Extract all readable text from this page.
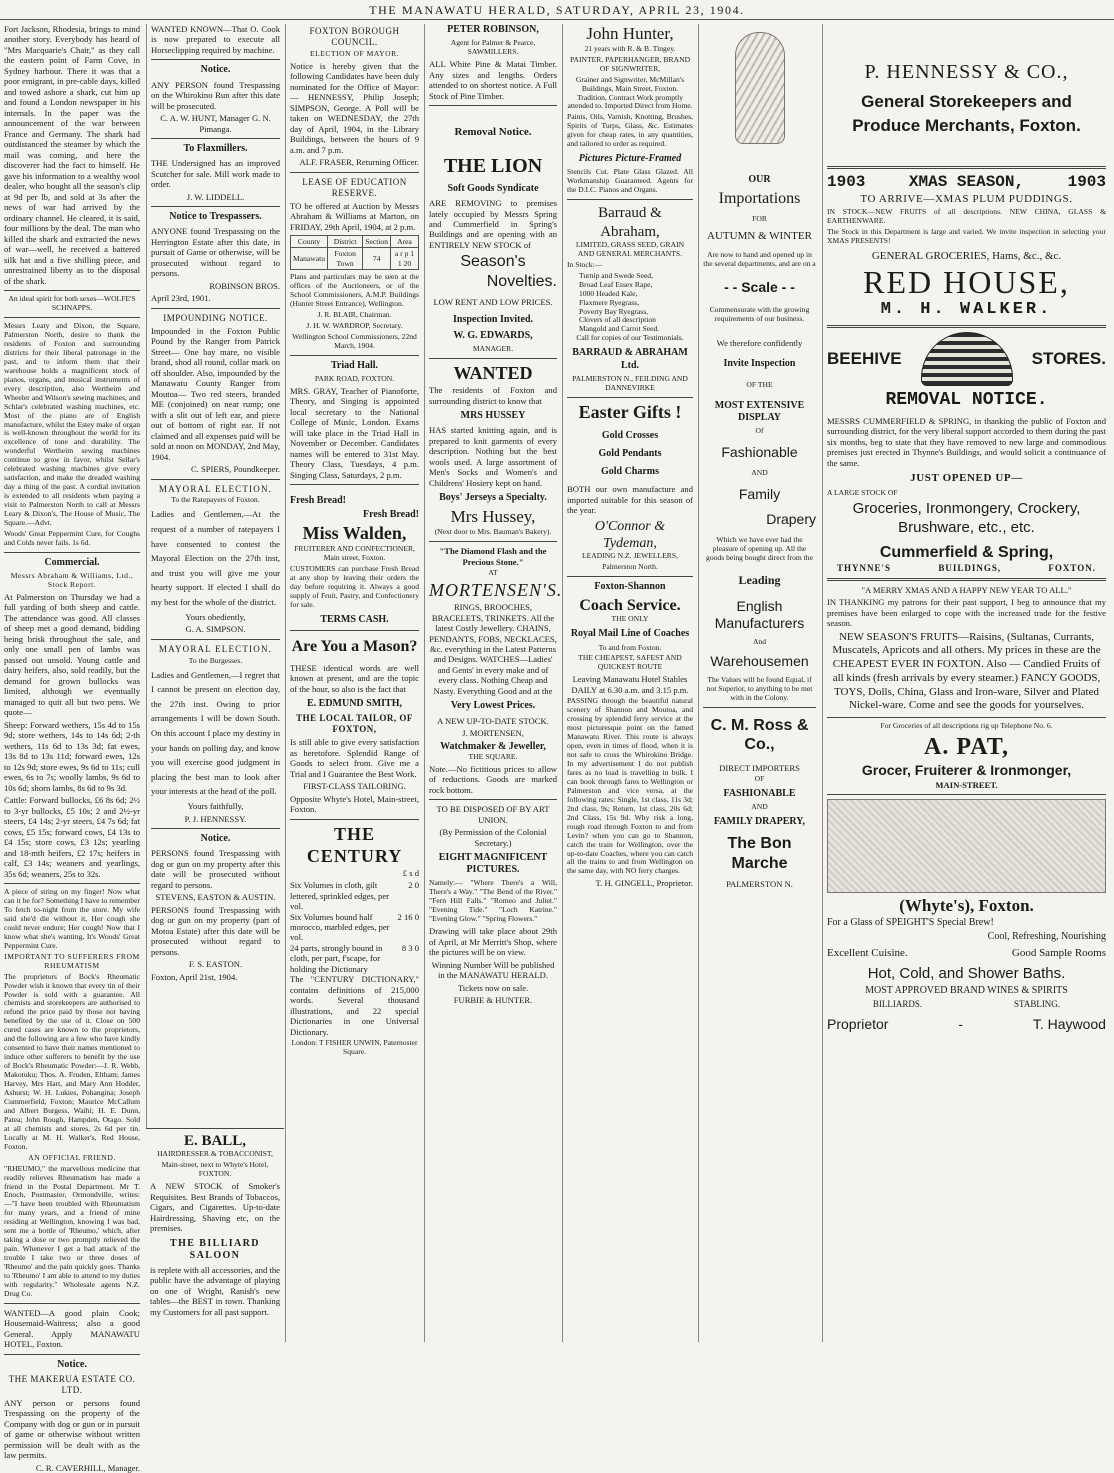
THE MANAWATU HERALD, SATURDAY, APRIL 23, 1904.

Fort Jackson, Rhodesia, brings to mind another story. Everybody has heard of "Mrs Macquarie's Chair," as they call the eastern point of Farm Cove, in Sydney harbour. There it was that a poor emigrant, in pre-cable days, killed and towed ashore a shark, cut him up and found a London newspaper in his internals. In the paper was the announcement of the war between France and Germany. The shark had outdistanced the steamer by which the mail was coming, and here the discoverer had the fact to himself. He gave his information to a wealthy wool dealer, who bought all the season's clip at 9d per lb, and sold at 3s after the news of war had arrived by the ordinary channel. He cleared, it is said, four millions by the deal. The man who killed the shark and extracted the news of war—well, he received a battered silk hat and a five shilling piece, and unrestrained liberty as to the disposal of the shark.

An ideal spirit for both sexes—WOLFE'S SCHNAPPS.

Messrs Leaty and Dixon, the Square, Palmerston North, desire to thank the residents of Foxton and surrounding districts for their liberal patronage in the past, and to inform them that their warehouse holds a magnificent stock of pianos, organs, and musical instruments of every description, also Wertheim and Wheeler and Wilson's sewing machines, and Schlar's celebrated washing machines, etc. Most of the piano are of English manufacture, whilst the Estey make of organ is well-known throughout the world for its excellence of tone and durability. The wonderful Wertheim sewing machines continue to grow in favor, whilst Sellar's celebrated washing machines give every satisfaction, and make the dreaded washing day a thing of the past. A cordial invitation is extended to all residents when paying a visit to Palmerston North to call at Messrs Leary & Dixon's, The House of Music, The Square.—Advt.

Woods' Great Peppermint Cure, for Coughs and Colds never fails. 1s 6d.

Commercial.
Messrs Abraham & Williams, Ltd., Stock Report.

At Palmerston on Thursday we had a full yarding of both sheep and cattle. The attendance was good. All classes of sheep met a good demand, bidding being brisk throughout the sale, and only one small pen of lambs was passed out unsold. Young cattle and dairy heifers, also, sold readily, but the demand for grown bullocks was limited, although we eventually managed to quit all but two pens. We quote—

Sheep: Forward wethers, 15s 4d to 15s 9d; store wethers, 14s to 14s 6d; 2-th wethers, 11s 6d to 13s 3d; fat ewes, 13s 8d to 13s 11d; forward ewes, 12s to 12s 9d; store ewes, 9s 6d to 11s; cull ewes, 6s to 7s; woolly lambs, 9s 6d to 10s 6d; shorn lambs, 8s 6d to 9s 3d.

Cattle: Forward bullocks, £6 8s 6d; 2½ to 3-yr bullocks, £5 10s; 2 and 2½-yr steers, £4 14s; 2-yr steers, £4 7s 6d; fat cows, £5 15s; forward cows, £4 13s to £4 15s; store cows, £3 12s; yearling and 18-mth heifers, £2 17s; heifers in calf, £3 14s; weaners and yearlings, 35s 6d; weaners, 25s to 32s.

A piece of string on my finger! Now what can it be for? Something I have to remember To fetch to-night from the store. My wife said she'd die without it, Her cough she could never endure; Her cough! Now that I know what she's wanting, It's Woods' Great Peppermint Cure.

IMPORTANT TO SUFFERERS FROM RHEUMATISM

The proprietors of Bock's Rheumatic Powder wish it known that every tin of their Powder is sold with a guarantee. All chemists and storekeepers are authorised to refund the price paid by those not having benefited by the use of it. Close on 500 cured cases are known to the proprietors, and the following are a few who have kindly consented to have their names mentioned to induce other sufferers to benefit by the use of Bock's Rheumatic Powder:—J. R. Webb, Makotuku; Thos. A. Fruden, Eltham; James Harvey, Mrs Hart, and Mary Ann Hodder, Ashurst; W. H. Lukies, Pohangina; Joseph Cummerfield, Foxton; Maurice McCallum and Albert Burgess, Waihi; H. E. Dunn, Patea; John Rough, Hampden, Otago. Sold at all chemists and stores, 2s 6d per tin. Locally at M. H. Walker's, Red House, Foxton.

AN OFFICIAL FRIEND.

"RHEUMO," the marvellous medicine that readily relieves Rheumatism has made a friend in the Postal Department. Mr T. Enoch, Postmaster, Ormondville, writes:—"I have been troubled with Rheumatism for many years, and a friend of mine residing at Wellington, knowing I was bad, sent me a bottle of 'Rheumo,' which, after taking a dose or two promptly relieved the pain. Whenever I get a bad attack of the trouble I take two or three doses of 'Rheumo' and the pain quickly goes. Thanks to 'Rheumo' I am able to attend to my duties with regularity." Wholesale agents N.Z. Drug Co.

WANTED—A good plain Cook; Housemaid-Waitress; also a good General. Apply MANAWATU HOTEL, Foxton.

Notice.
THE MAKERUA ESTATE CO. LTD.

ANY person or persons found Trespassing on the property of the Company with dog or gun or in pursuit of game or otherwise without written permission will be dealt with as the law permits.

C. R. CAVERHILL, Manager.

WANTED KNOWN—That O. Cook is now prepared to execute all Horseclipping required by machine.

Notice.

ANY PERSON found Trespassing on the Whirokino Run after this date will be prosecuted.

C. A. W. HUNT, Manager G. N. Pimanga.

To Flaxmillers.

THE Undersigned has an improved Scutcher for sale. Mill work made to order.

J. W. LIDDELL.

Notice to Trespassers.

ANYONE found Trespassing on the Herrington Estate after this date, in pursuit of Game or otherwise, will be prosecuted without regard to persons.

ROBINSON BROS.

April 23rd, 1901.

IMPOUNDING NOTICE.

Impounded in the Foxton Public Pound by the Ranger from Patrick Street— One bay mare, no visible brand, shod all round, collar mark on off shoulder. Also, impounded by the Manawatu County Ranger from Moutoa— Two red steers, branded ME (conjoined) on near rump; one with a slit out of left ear, and piece out of bottom of right ear. If not claimed and all expenses paid will be sold at noon on MONDAY, 2nd May, 1904.

C. SPIERS, Poundkeeper.

MAYORAL ELECTION.

To the Ratepayers of Foxton.

Ladies and Gentlemen,—At the request of a number of ratepayers I have consented to contest the Mayoral Election on the 27th inst, and trust you will give me your hearty support. If elected I shall do my best for the whole of the district.

Yours obediently,

G. A. SIMPSON.

MAYORAL ELECTION.

To the Burgesses.

Ladies and Gentlemen,—I regret that I cannot be present on election day, the 27th inst. Owing to prior arrangements I will be down South. On this account I place my destiny in your hands on polling day, and know you will exercise good judgment in placing the best man to look after your interests at the head of the poll.

Yours faithfully,

P. J. HENNESSY.

Notice.

PERSONS found Trespassing with dog or gun on my property after this date will be prosecuted without regard to persons.

STEVENS, EASTON & AUSTIN.

PERSONS found Trespassing with dog or gun on my property (part of Motoa Estate) after this date will be prosecuted without regard to persons.

F. S. EASTON.

Foxton, April 21st, 1904.

FOXTON BOROUGH COUNCIL.
ELECTION OF MAYOR.

Notice is hereby given that the following Candidates have been duly nominated for the Office of Mayor:— HENNESSY, Philip Joseph; SIMPSON, George. A Poll will be taken on WEDNESDAY, the 27th day of April, 1904, in the Library Buildings, between the hours of 9 a.m. and 7 p.m.

ALF. FRASER, Returning Officer.

LEASE OF EDUCATION RESERVE.

TO be offered at Auction by Messrs Abraham & Williams at Marton, on FRIDAY, 29th April, 1904, at 2 p.m.

County	District	Section	Area
Manawatu	Foxton Town	74	a r p 1 1 20

Plans and particulars may be seen at the offices of the Auctioneers, or of the School Commissioners, A.M.P. Buildings (Hunter Street Entrance), Wellington.

J. R. BLAIR, Chairman.

J. H. W. WARDROP, Secretary.

Wellington School Commissioners, 22nd March, 1904.

Triad Hall.

PARK ROAD, FOXTON.

MRS. GRAY, Teacher of Pianoforte, Theory, and Singing is appointed local secretary to the National College of Music, London. Exams will take place in the Triad Hall in November or December. Candidates names will be entered to 31st May. Theory Class, Tuesdays, 4 p.m. Singing Class, Saturdays, 2 p.m.

Fresh Bread!

Fresh Bread!

Miss Walden,

FRUITERER AND CONFECTIONER, Main street, Foxton.

CUSTOMERS can purchase Fresh Bread at any shop by leaving their orders the day before requiring it. Always a good supply of Fruit, Pastry, and Confectionery for sale.

TERMS CASH.
Are You a Mason?

THESE identical words are well known at present, and are the topic of the hour, so also is the fact that

E. EDMUND SMITH,
THE LOCAL TAILOR, OF FOXTON,

Is still able to give every satisfaction as heretofore. Splendid Range of Goods to select from. Give me a Trial and I Guarantee the Best Work.

FIRST-CLASS TAILORING.

Opposite Whyte's Hotel, Main-street, Foxton.

THE CENTURY

£ s d

Six Volumes in cloth, gilt lettered, sprinkled edges, per vol.
2 0
Six Volumes bound half morocco, marbled edges, per vol.
2 16 0
24 parts, strongly bound in cloth, per part, f'scape, for holding the Dictionary
8 3 0

The "CENTURY DICTIONARY," contains definitions of 215,000 words. Several thousand illustrations, and 22 special Dictionaries in one Universal Dictionary.

London: T FISHER UNWIN, Paternoster Square.

E. BALL,

HAIRDRESSER & TOBACCONIST,

Main-street, next to Whyte's Hotel, FOXTON.

A NEW STOCK of Smoker's Requisites. Best Brands of Tobaccos, Cigars, and Cigarettes. Up-to-date Hairdressing, Shaving etc, on the premises.

THE BILLIARD SALOON

is replete with all accessories, and the public have the advantage of playing on one of Wright, Ranish's new tables—the BEST in town. Thanking my Customers for all past support.

PETER ROBINSON,

Agent for Palmer & Pearce, SAWMILLERS.

ALL White Pine & Matai Timber. Any sizes and lengths. Orders attended to on shortest notice. A Full Stock of Pine Timber.

Removal Notice.
THE LION
Soft Goods Syndicate

ARE REMOVING to premises lately occupied by Messrs Spring and Cummerfield in Spring's Buildings and are opening with an ENTIRELY NEW STOCK of

Season's
Novelties.

LOW RENT AND LOW PRICES.

Inspection Invited.
W. G. EDWARDS,

MANAGER.

WANTED

The residents of Foxton and surrounding district to know that

MRS HUSSEY

HAS started knitting again, and is prepared to knit garments of every description. Nothing but the best wools used. A large assortment of Men's Socks and Women's and Childrens' Hosiery kept on hand.

Boys' Jerseys a Specialty.
Mrs Hussey,

(Next door to Mrs. Bauman's Bakery).

"The Diamond Flash and the Precious Stone."

AT

MORTENSEN'S.

RINGS, BROOCHES, BRACELETS, TRINKETS. All the latest Costly Jewellery. CHAINS, PENDANTS, FOBS, NECKLACES, &c. everything in the Latest Patterns and Designs. WATCHES—Ladies' and Gents' in every make and of every class. Nothing Cheap and Nasty. Everything Good and at the

Very Lowest Prices.

A NEW UP-TO-DATE STOCK.

J. MORTENSEN,

Watchmaker & Jeweller,

THE SQUARE.

Note.—No fictitious prices to allow of reductions. Goods are marked rock bottom.

TO BE DISPOSED OF BY ART UNION.

(By Permission of the Colonial Secretary.)

EIGHT MAGNIFICENT PICTURES.

Namely:— "Where There's a Will, There's a Way." "The Bend of the River." "Fern Hill Falls." "Romeo and Juliet." "Evening Tide." "Loch Katrine." "Evening Glow." "Spring Flowers."

Drawing will take place about 29th of April, at Mr Merritt's Shop, where the pictures will be on view.

Winning Number Will be published in the MANAWATU HERALD.

Tickets now on sale.

FURBIE & HUNTER.

John Hunter,

21 years with R. & B. Tingey.

PAINTER, PAPERHANGER, BRAND OF SIGNWRITER,

Grainer and Signwriter, McMillan's Buildings, Main Street, Foxton. Tradition, Contract Work promptly attended to. Imported Direct from Home.

Paints, Oils, Varnish, Knotting, Brushes, Spirits of Turps, Glass, &c. Estimates given for cheap rates, in any quantities, and tailored to order as required.

Pictures Picture-Framed

Stencils Cut. Plate Glass Glazed. All Workmanship Guaranteed. Agents for the D.I.C. Pianos and Organs.

Barraud & Abraham,

LIMITED, GRASS SEED, GRAIN AND GENERAL MERCHANTS.

In Stock:—

Turnip and Swede Seed,
Broad Leaf Essex Rape,
1000 Headed Kale,
Flaxmere Ryegrass,
Poverty Bay Ryegrass,
Clovers of all description
Mangold and Carrot Seed.

Call for copies of our Testimonials.

BARRAUD & ABRAHAM Ltd.

PALMERSTON N., FEILDING AND DANNEVIRKE

Easter Gifts !
Gold Crosses
Gold Pendants
Gold Charms

BOTH our own manufacture and imported suitable for this season of the year.

O'Connor & Tydeman,

LEADING N.Z. JEWELLERS,

Palmerston North.

Foxton-Shannon
Coach Service.

THE ONLY

Royal Mail Line of Coaches

To and from Foxton.

THE CHEAPEST, SAFEST AND QUICKEST ROUTE

Leaving Manawatu Hotel Stables DAILY at 6.30 a.m. and 3.15 p.m.

PASSING through the beautiful natural scenery of Shannon and Moutoa, and crossing by splendid ferry service at the most picturesque point on the famed Manawatu River. This route is always open, even in times of flood, when it is not safe to cross the Whirokino Bridge. In my advertisement I do not publish fares as no load is travelling in bulk. I can book through fares to Wellington or Palmerston and vice versa, at the following rates: Single, 1st class, 11s 3d; 2nd class, 9s; Return, 1st class, 20s 6d; 2nd Class, 15s 9d. Why risk a long, rough road through Foxton to and from Levin? when you can go to Shannon, catch the train for Wellington, over the up-to-date Coaches, where you can catch all the trains to and from Wellington on the same day, with NO ferry charges.

T. H. GINGELL, Proprietor.

OUR
Importations

FOR

AUTUMN & WINTER

Are now to hand and opened up in the several departments, and are on a

- - Scale - -

Commensurate with the growing requirements of our business.

We therefore confidently

Invite Inspection

OF THE

MOST EXTENSIVE DISPLAY

Of

Fashionable

AND

Family
Drapery

Which we have ever had the pleasure of opening up. All the goods being bought direct from the

Leading
English Manufacturers

And

Warehousemen

The Values will be found Equal, if not Superior, to anything to be met with in the Colony.

C. M. Ross & Co.,

DIRECT IMPORTERS

OF

FASHIONABLE

AND

FAMILY DRAPERY,
The Bon Marche

PALMERSTON N.

P. HENNESSY & CO.,
General Storekeepers and Produce Merchants, Foxton.
1903	XMAS SEASON,	1903

TO ARRIVE—XMAS PLUM PUDDINGS.

IN STOCK—NEW FRUITS of all descriptions. NEW CHINA, GLASS & EARTHENWARE.

The Stock in this Department is large and varied. We invite inspection in selecting your XMAS PRESENTS!

GENERAL GROCERIES, Hams, &c., &c.

RED HOUSE,
M. H. WALKER.
BEEHIVE	STORES.
REMOVAL NOTICE.

MESSRS CUMMERFIELD & SPRING, in thanking the public of Foxton and surrounding district, for the very liberal support accorded to them during the past six months, beg to state that they have removed to new large and commodious premises just erected in Thynne's Buildings, and would solicit a continuance of the same.

JUST OPENED UP—

A LARGE STOCK OF

Groceries, Ironmongery, Crockery, Brushware, etc., etc.
Cummerfield & Spring,
THYNNE'S	BUILDINGS,	FOXTON.

"A MERRY XMAS AND A HAPPY NEW YEAR TO ALL."

IN THANKING my patrons for their past support, I beg to announce that my premises have been enlarged to cope with the increased trade for the festive season.

NEW SEASON'S FRUITS—Raisins, (Sultanas, Currants, Muscatels, Apricots and all others. My prices in these are the CHEAPEST EVER IN FOXTON. Also — Candied Fruits of all kinds (fresh arrivals by every steamer.) FANCY GOODS, TOYS, Dolls, China, Glass and Iron-ware, Silver and Plated Nickel-ware. Come and see the goods for yourselves.

For Groceries of all descriptions rig up Telephone No. 6.

A. PAT,
Grocer, Fruiterer & Ironmonger,

MAIN-STREET.

(Whyte's), Foxton.

For a Glass of SPEIGHT'S Special Brew!

Cool, Refreshing, Nourishing

Excellent Cuisine.	Good Sample Rooms
Hot, Cold, and Shower Baths.

MOST APPROVED BRAND WINES & SPIRITS

BILLIARDS.	STABLING.
Proprietor	-	T. Haywood
